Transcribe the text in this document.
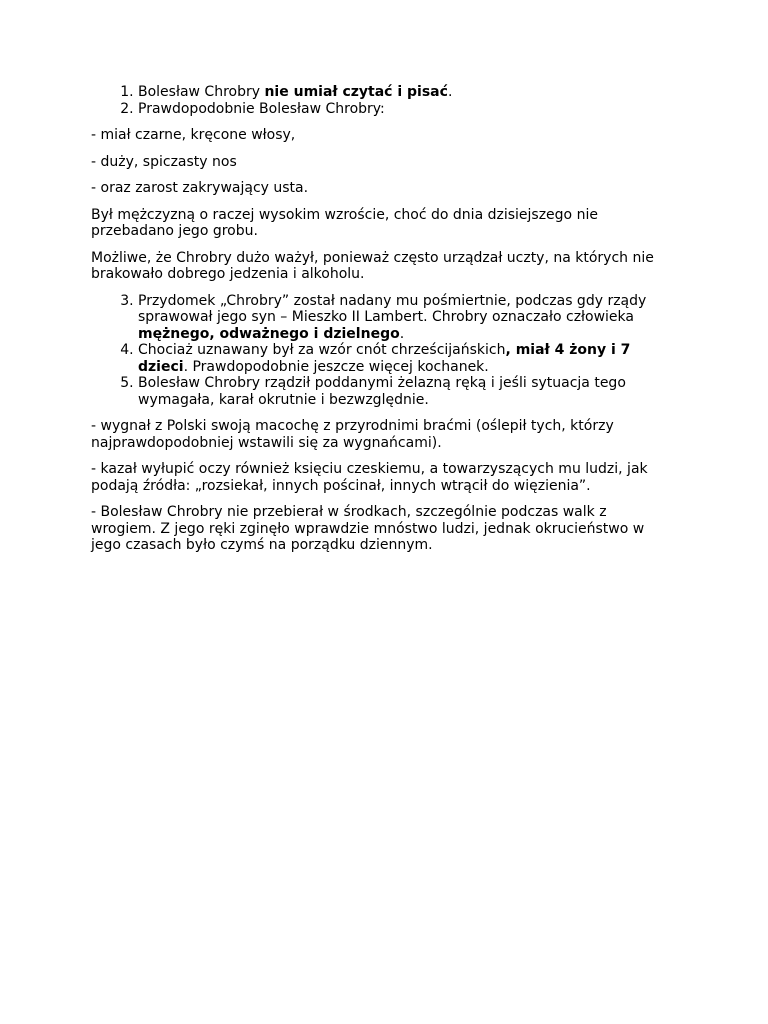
1. Bolesław Chrobry nie umiał czytać i pisać.
2. Prawdopodobnie Bolesław Chrobry:

- miał czarne, kręcone włosy,

- duży, spiczasty nos

- oraz zarost zakrywający usta.

Był mężczyzną o raczej wysokim wzroście, choć do dnia dzisiejszego nie przebadano jego grobu.

Możliwe, że Chrobry dużo ważył, ponieważ często urządzał uczty, na których nie brakowało dobrego jedzenia i alkoholu.

3. Przydomek „Chrobry” został nadany mu pośmiertnie, podczas gdy rządy sprawował jego syn – Mieszko II Lambert. Chrobry oznaczało człowieka mężnego, odważnego i dzielnego.
4. Chociaż uznawany był za wzór cnót chrześcijańskich, miał 4 żony i 7 dzieci. Prawdopodobnie jeszcze więcej kochanek.
5. Bolesław Chrobry rządził poddanymi żelazną ręką i jeśli sytuacja tego wymagała, karał okrutnie i bezwzględnie.

- wygnał z Polski swoją macochę z przyrodnimi braćmi (oślepił tych, którzy najprawdopodobniej wstawili się za wygnańcami).

- kazał wyłupić oczy również księciu czeskiemu, a towarzyszących mu ludzi, jak podają źródła: „rozsiekał, innych pościnał, innych wtrącił do więzienia”.

- Bolesław Chrobry nie przebierał w środkach, szczególnie podczas walk z wrogiem. Z jego ręki zginęło wprawdzie mnóstwo ludzi, jednak okrucieństwo w jego czasach było czymś na porządku dziennym.
